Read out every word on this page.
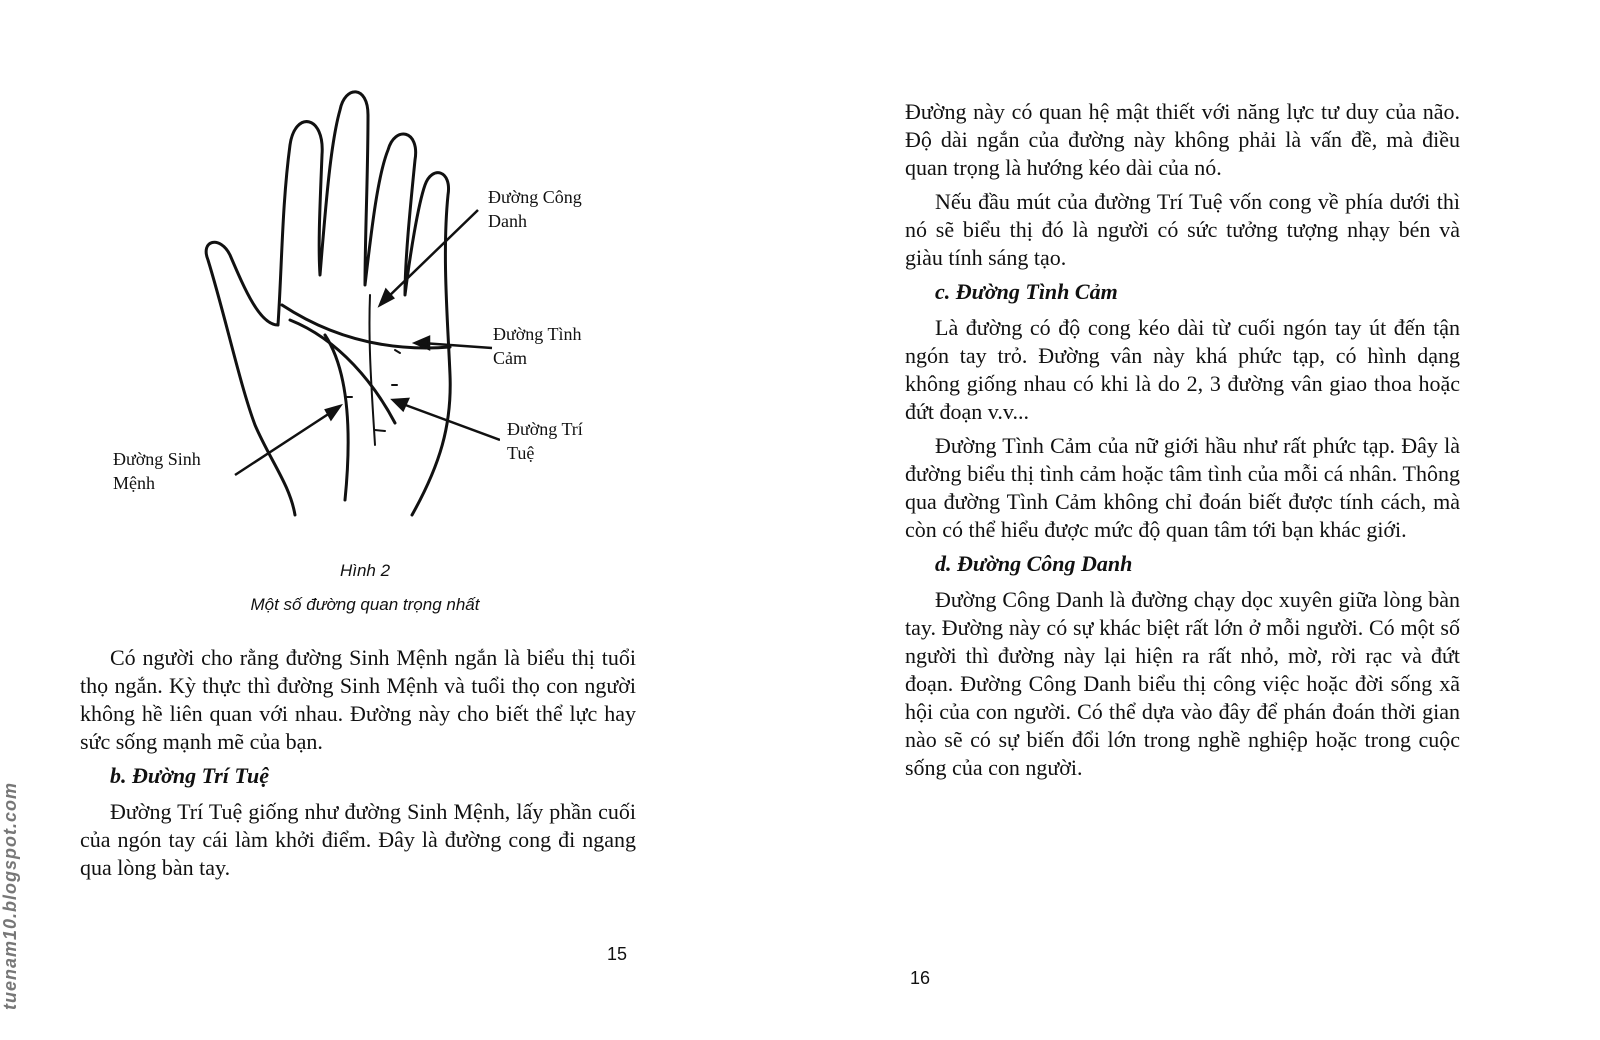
Đường Công
Danh
Đường Tình
Cảm
Đường Trí
Tuệ
Đường Sinh
Mệnh
Hình 2
Một số đường quan trọng nhất

Có người cho rằng đường Sinh Mệnh ngắn là biểu thị tuổi thọ ngắn. Kỳ thực thì đường Sinh Mệnh và tuổi thọ con người không hề liên quan với nhau. Đường này cho biết thể lực hay sức sống mạnh mẽ của bạn.

b. Đường Trí Tuệ

Đường Trí Tuệ giống như đường Sinh Mệnh, lấy phần cuối của ngón tay cái làm khởi điểm. Đây là đường cong đi ngang qua lòng bàn tay.

15
tuenam10.blogspot.com

Đường này có quan hệ mật thiết với năng lực tư duy của não. Độ dài ngắn của đường này không phải là vấn đề, mà điều quan trọng là hướng kéo dài của nó.

Nếu đầu mút của đường Trí Tuệ vốn cong về phía dưới thì nó sẽ biểu thị đó là người có sức tưởng tượng nhạy bén và giàu tính sáng tạo.

c. Đường Tình Cảm

Là đường có độ cong kéo dài từ cuối ngón tay út đến tận ngón tay trỏ. Đường vân này khá phức tạp, có hình dạng không giống nhau có khi là do 2, 3 đường vân giao thoa hoặc đứt đoạn v.v...

Đường Tình Cảm của nữ giới hầu như rất phức tạp. Đây là đường biểu thị tình cảm hoặc tâm tình của mỗi cá nhân. Thông qua đường Tình Cảm không chỉ đoán biết được tính cách, mà còn có thể hiểu được mức độ quan tâm tới bạn khác giới.

d. Đường Công Danh

Đường Công Danh là đường chạy dọc xuyên giữa lòng bàn tay. Đường này có sự khác biệt rất lớn ở mỗi người. Có một số người thì đường này lại hiện ra rất nhỏ, mờ, rời rạc và đứt đoạn. Đường Công Danh biểu thị công việc hoặc đời sống xã hội của con người. Có thể dựa vào đây để phán đoán thời gian nào sẽ có sự biến đổi lớn trong nghề nghiệp hoặc trong cuộc sống của con người.

16
